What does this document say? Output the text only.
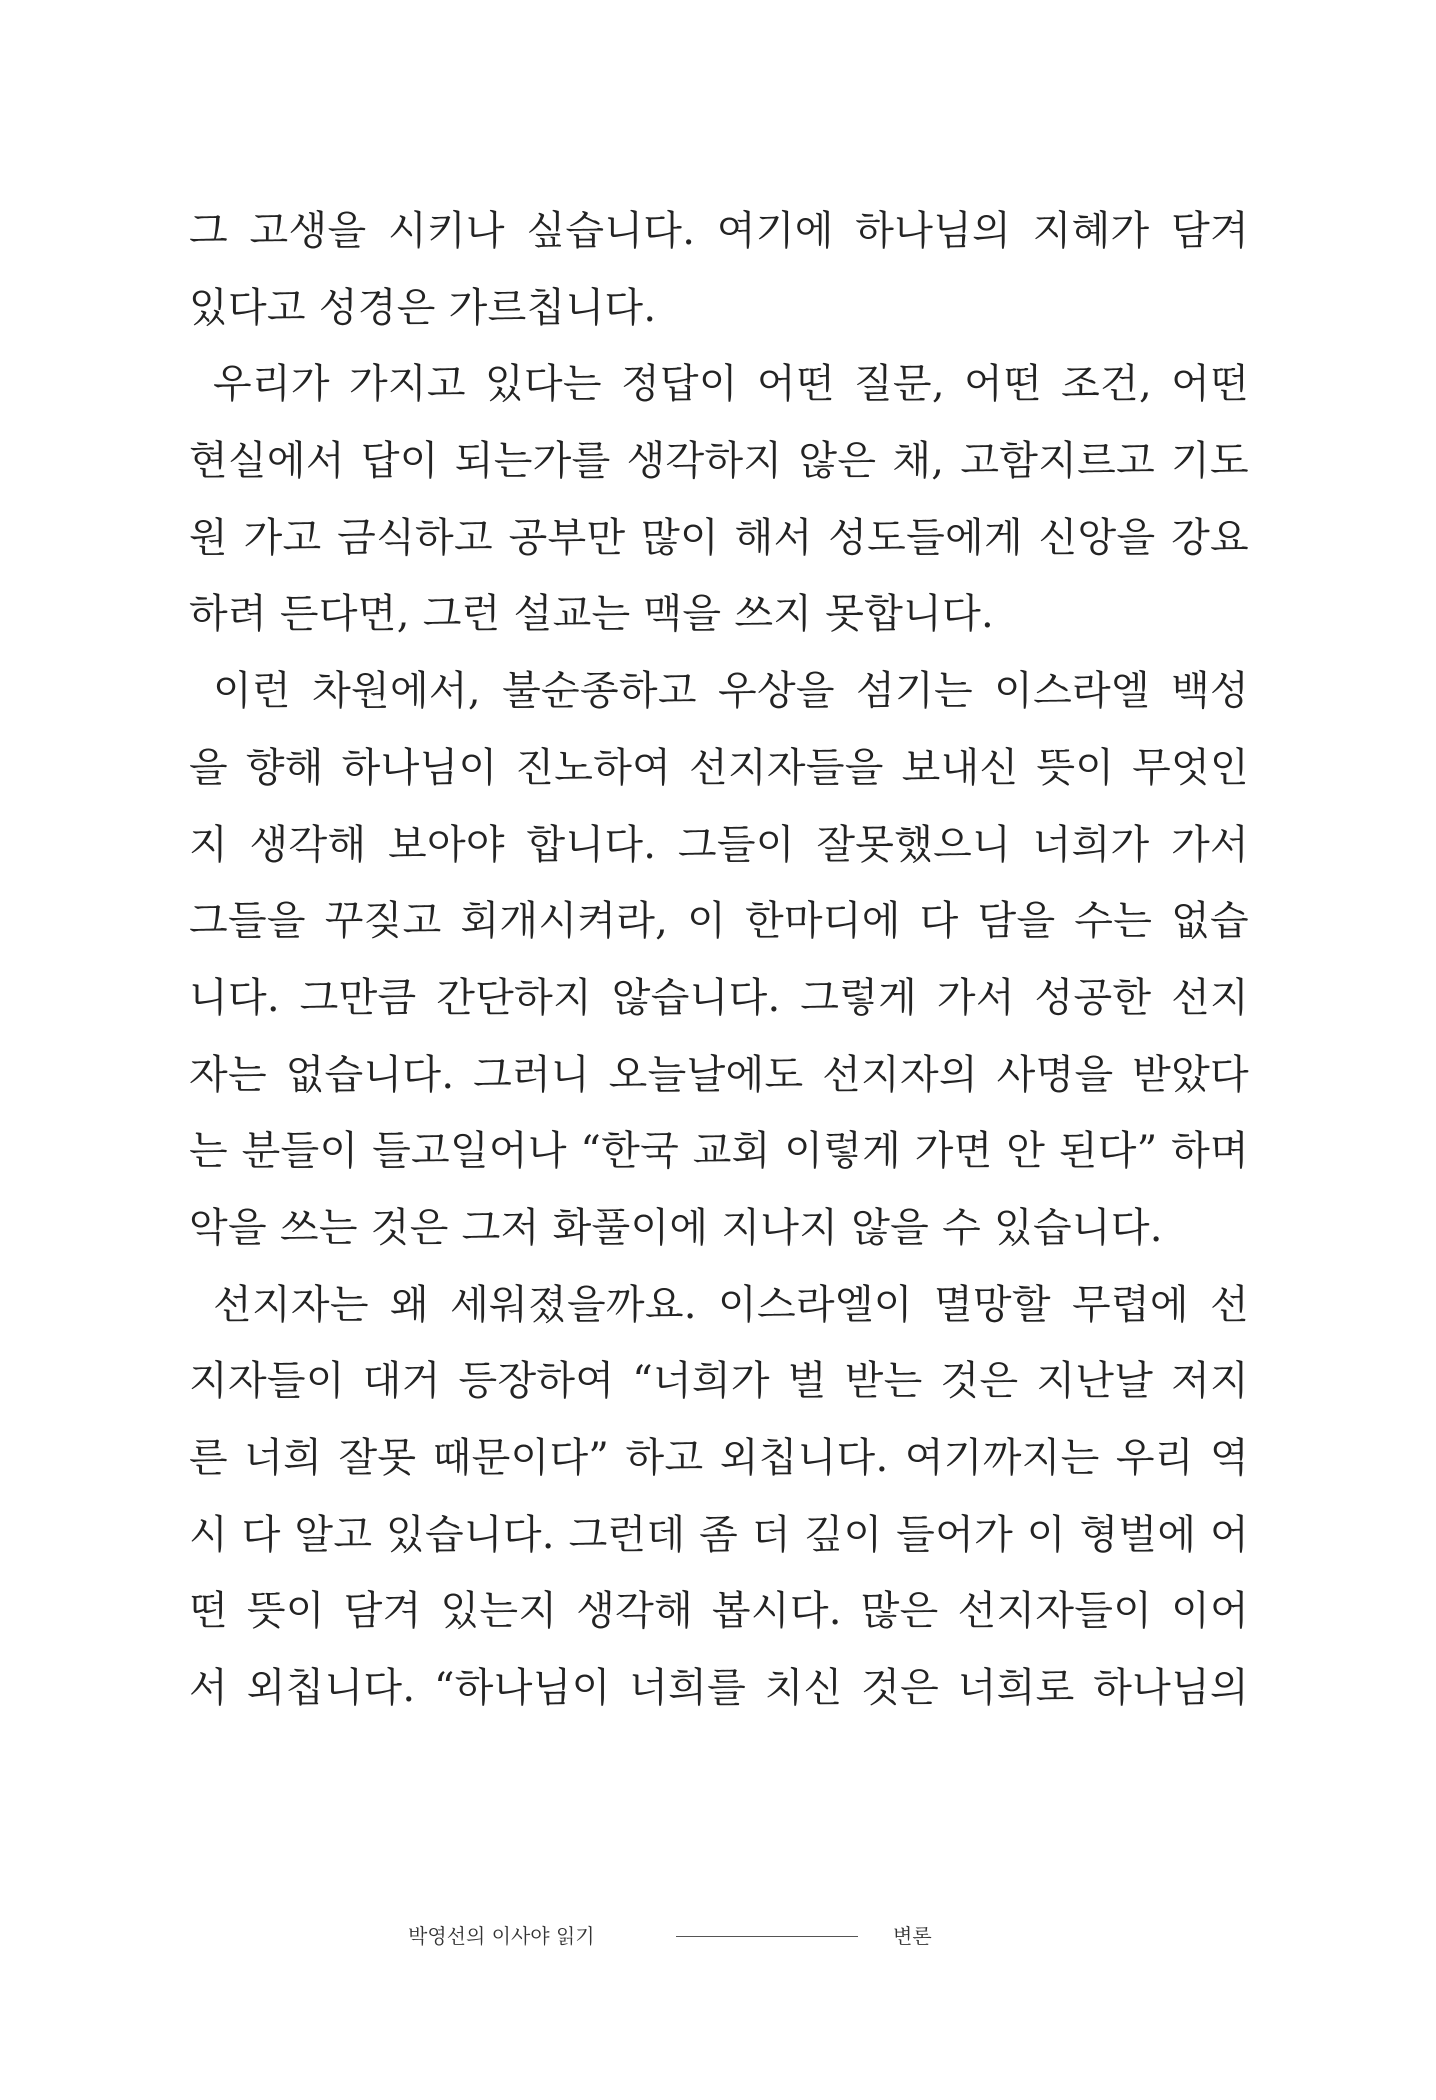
그 고생을 시키나 싶습니다. 여기에 하나님의 지혜가 담겨
있다고 성경은 가르칩니다.
우리가 가지고 있다는 정답이 어떤 질문, 어떤 조건, 어떤
현실에서 답이 되는가를 생각하지 않은 채, 고함지르고 기도
원 가고 금식하고 공부만 많이 해서 성도들에게 신앙을 강요
하려 든다면, 그런 설교는 맥을 쓰지 못합니다.
이런 차원에서, 불순종하고 우상을 섬기는 이스라엘 백성
을 향해 하나님이 진노하여 선지자들을 보내신 뜻이 무엇인
지 생각해 보아야 합니다. 그들이 잘못했으니 너희가 가서
그들을 꾸짖고 회개시켜라, 이 한마디에 다 담을 수는 없습
니다. 그만큼 간단하지 않습니다. 그렇게 가서 성공한 선지
자는 없습니다. 그러니 오늘날에도 선지자의 사명을 받았다
는 분들이 들고일어나 “한국 교회 이렇게 가면 안 된다” 하며
악을 쓰는 것은 그저 화풀이에 지나지 않을 수 있습니다.
선지자는 왜 세워졌을까요. 이스라엘이 멸망할 무렵에 선
지자들이 대거 등장하여 “너희가 벌 받는 것은 지난날 저지
른 너희 잘못 때문이다” 하고 외칩니다. 여기까지는 우리 역
시 다 알고 있습니다. 그런데 좀 더 깊이 들어가 이 형벌에 어
떤 뜻이 담겨 있는지 생각해 봅시다. 많은 선지자들이 이어
서 외칩니다. “하나님이 너희를 치신 것은 너희로 하나님의
박영선의 이사야 읽기	변론
